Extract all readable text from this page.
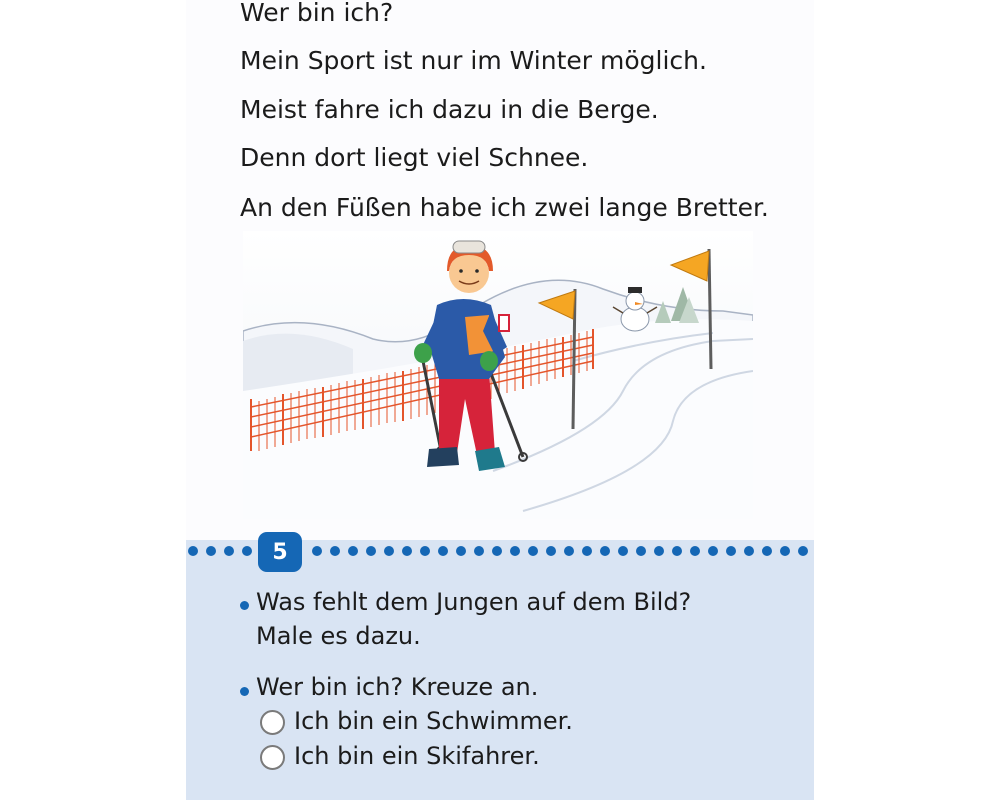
Wer bin ich?
Mein Sport ist nur im Winter möglich.
Meist fahre ich dazu in die Berge.
Denn dort liegt viel Schnee.
An den Füßen habe ich zwei lange Bretter.
5
Was fehlt dem Jungen auf dem Bild?
Male es dazu.
Wer bin ich? Kreuze an.
Ich bin ein Schwimmer.
Ich bin ein Skifahrer.
